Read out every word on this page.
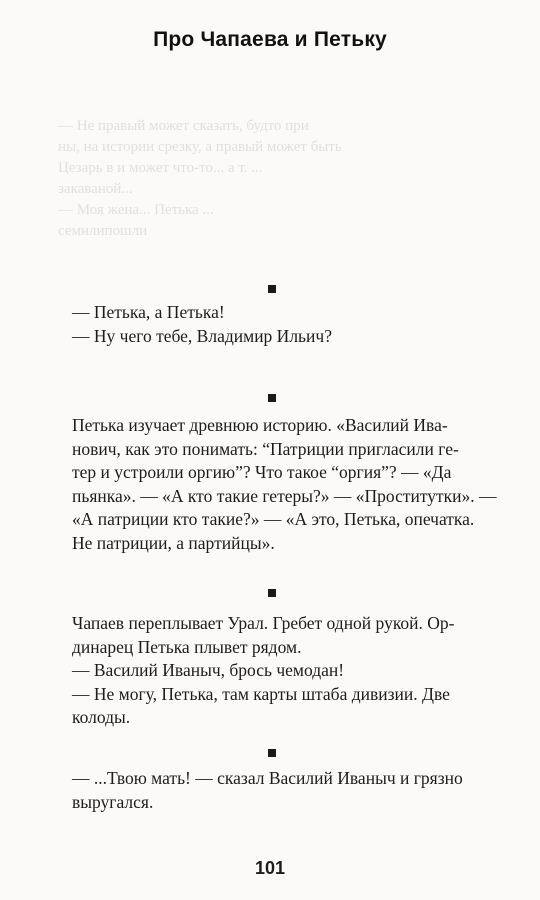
Про Чапаева и Петьку

— Не правый может сказать, будто при
ны, на истории срезку, а правый может быть
Цезарь в и может что-то... а т. ...
закаваной...
— Моя жена... Петька ...
семилипошли

— Петька, а Петька!

— Ну чего тебе, Владимир Ильич?

Петька изучает древнюю историю. «Василий Ива-

нович, как это понимать: “Патриции пригласили ге-

тер и устроили оргию”? Что такое “оргия”? — «Да

пьянка». — «А кто такие гетеры?» — «Проститутки». —

«А патриции кто такие?» — «А это, Петька, опечатка.

Не патриции, а партийцы».

Чапаев переплывает Урал. Гребет одной рукой. Ор-

динарец Петька плывет рядом.

— Василий Иваныч, брось чемодан!

— Не могу, Петька, там карты штаба дивизии. Две

колоды.

— ...Твою мать! — сказал Василий Иваныч и грязно

выругался.

101
